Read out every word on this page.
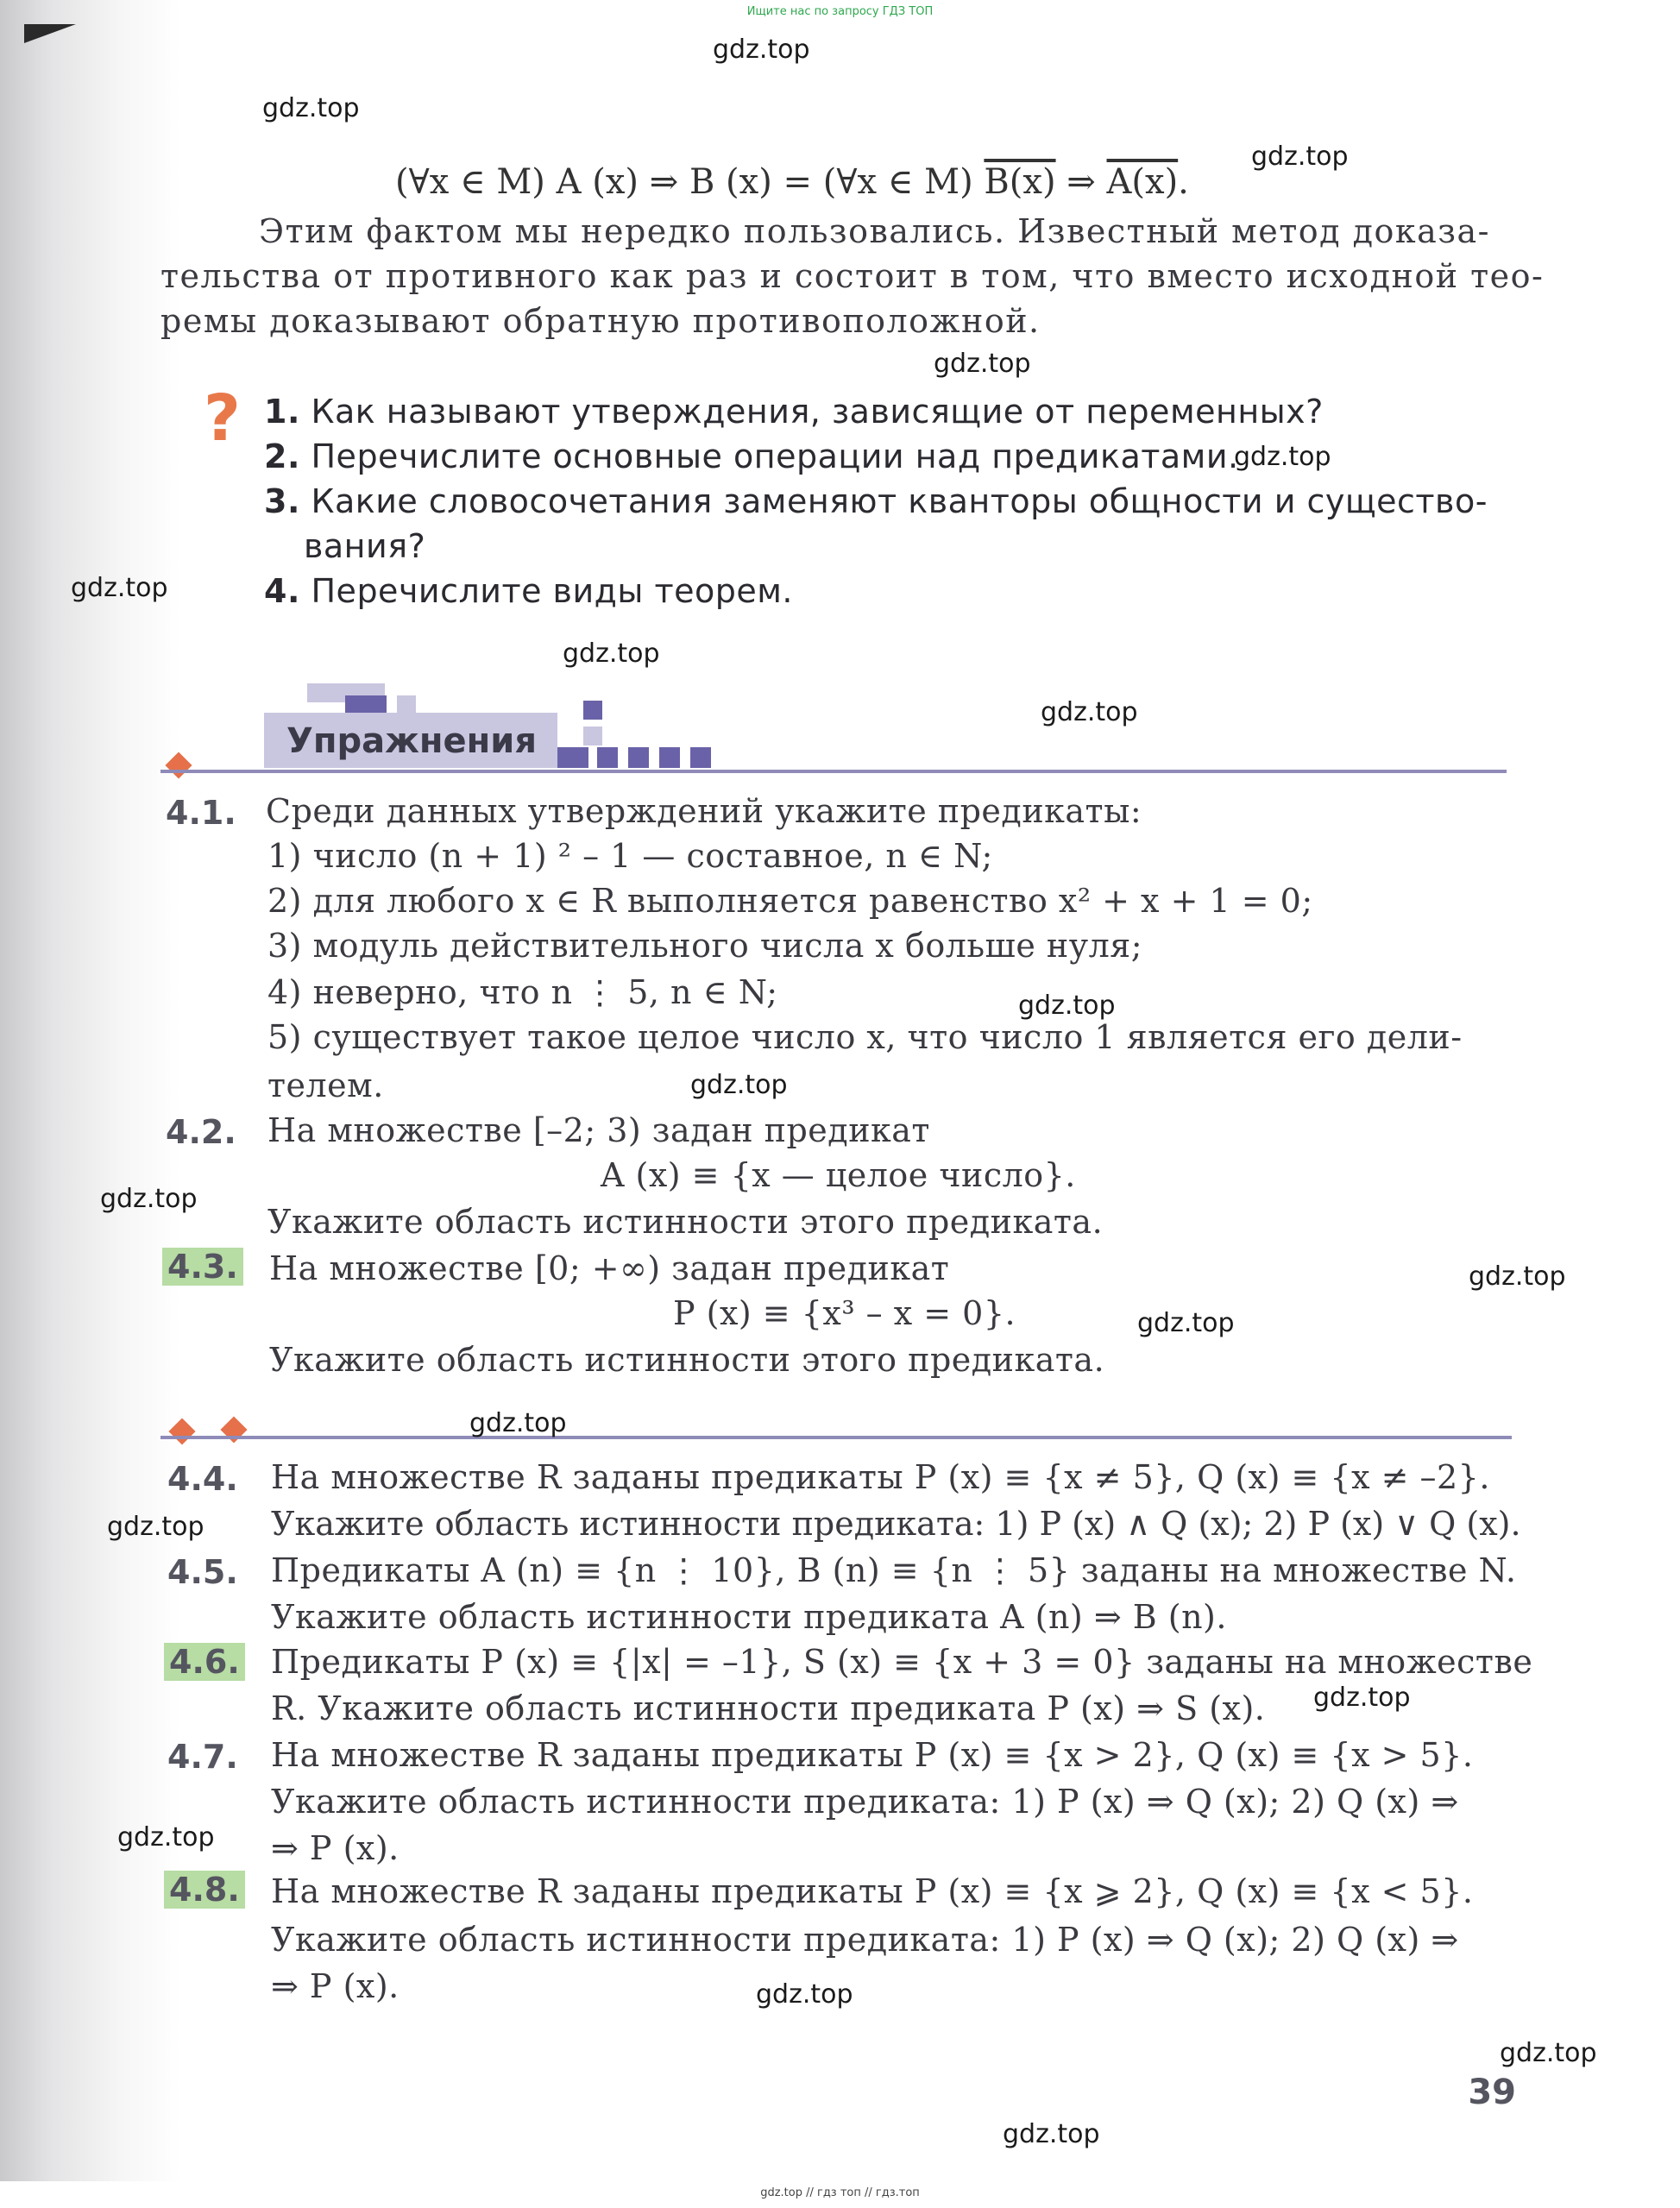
Ищите нас по запросу ГДЗ ТОП
(∀x ∈ M) A (x) ⇒ B (x) = (∀x ∈ M) B(x) ⇒ A(x).
Этим фактом мы нередко пользовались. Известный метод доказа-
тельства от противного как раз и состоит в том, что вместо исходной тео-
ремы доказывают обратную противоположной.
? 1. Как называют утверждения, зависящие от переменных?
2. Перечислите основные операции над предикатами.
3. Какие словосочетания заменяют кванторы общности и существо-
вания?
4. Перечислите виды теорем.
Упражнения
4.1. Среди данных утверждений укажите предикаты:
1) число (n + 1) ² – 1 — составное, n ∈ N;
2) для любого x ∈ R выполняется равенство x² + x + 1 = 0;
3) модуль действительного числа x больше нуля;
4) неверно, что n ⋮ 5, n ∈ N;
5) существует такое целое число x, что число 1 является его дели-
телем.
4.2. На множестве [–2; 3) задан предикат
A (x) ≡ {x — целое число}.
Укажите область истинности этого предиката.
4.3. На множестве [0; +∞) задан предикат
P (x) ≡ {x³ – x = 0}.
Укажите область истинности этого предиката.
4.4. На множестве R заданы предикаты P (x) ≡ {x ≠ 5}, Q (x) ≡ {x ≠ –2}.
Укажите область истинности предиката: 1) P (x) ∧ Q (x); 2) P (x) ∨ Q (x).
4.5. Предикаты A (n) ≡ {n ⋮ 10}, B (n) ≡ {n ⋮ 5} заданы на множестве N.
Укажите область истинности предиката A (n) ⇒ B (n).
4.6. Предикаты P (x) ≡ {|x| = –1}, S (x) ≡ {x + 3 = 0} заданы на множестве
R. Укажите область истинности предиката P (x) ⇒ S (x).
4.7. На множестве R заданы предикаты P (x) ≡ {x > 2}, Q (x) ≡ {x > 5}.
Укажите область истинности предиката: 1) P (x) ⇒ Q (x); 2) Q (x) ⇒
⇒ P (x).
4.8. На множестве R заданы предикаты P (x) ≡ {x ⩾ 2}, Q (x) ≡ {x < 5}.
Укажите область истинности предиката: 1) P (x) ⇒ Q (x); 2) Q (x) ⇒
⇒ P (x).
39
gdz.top
gdz.top
gdz.top
gdz.top
gdz.top
gdz.top
gdz.top
gdz.top
gdz.top
gdz.top
gdz.top
gdz.top
gdz.top
gdz.top
gdz.top
gdz.top
gdz.top
gdz.top
gdz.top
gdz.top
gdz.top // гдз топ // гдз.топ
